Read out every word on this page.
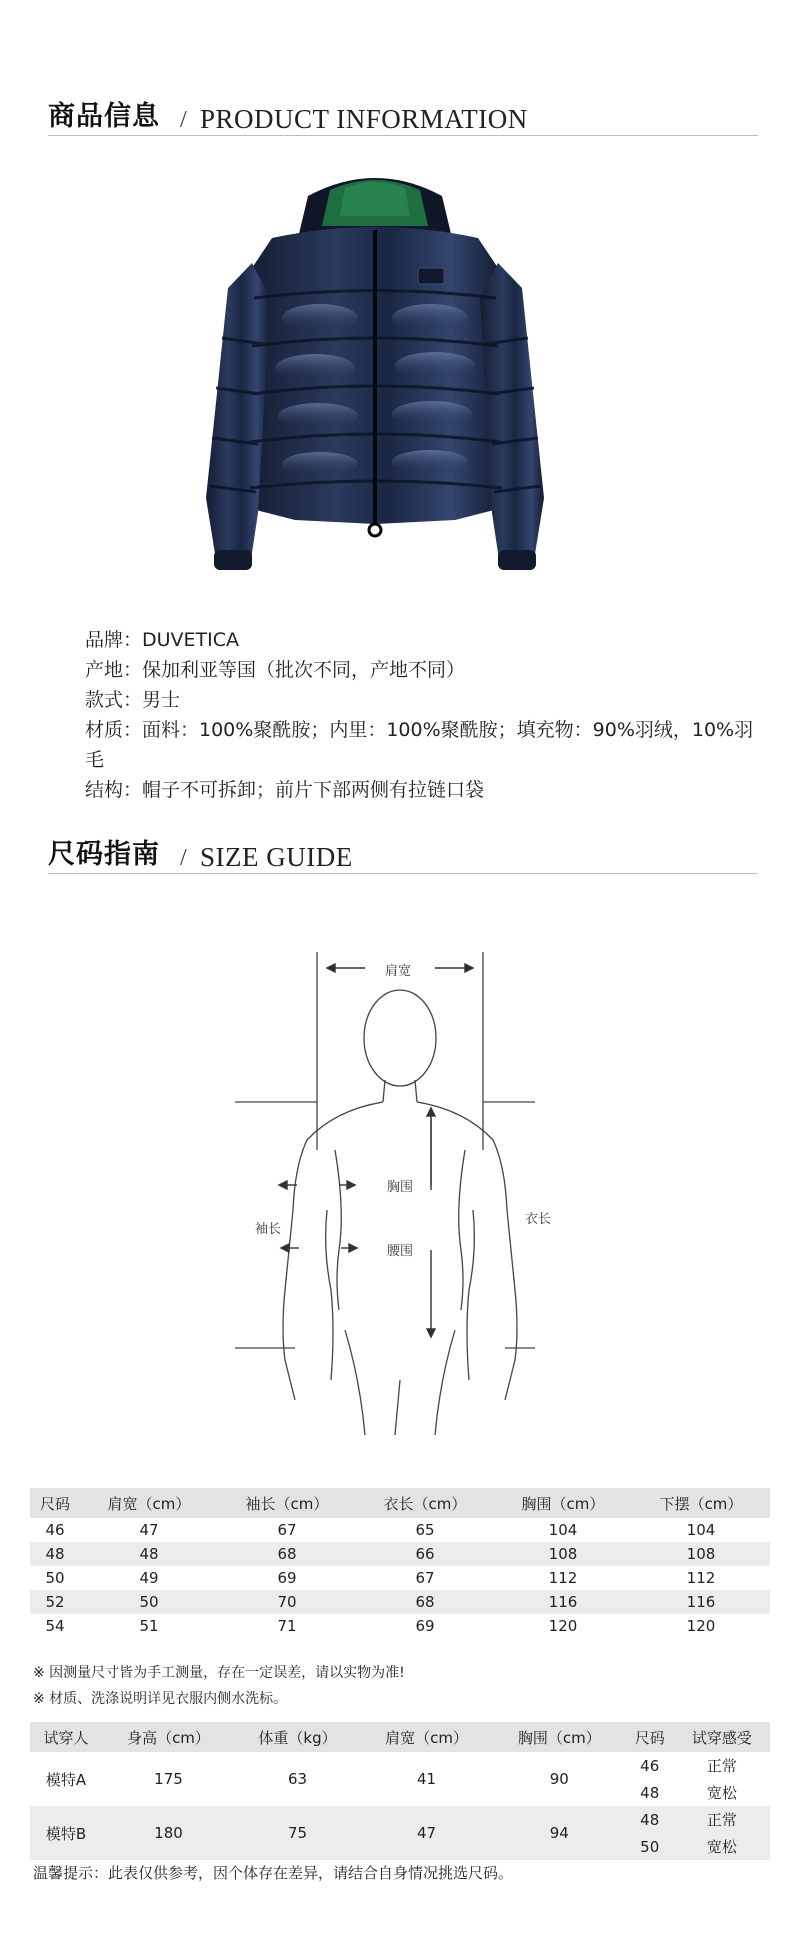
商品信息 / PRODUCT INFORMATION
品牌：DUVETICA
产地：保加利亚等国（批次不同，产地不同）
款式：男士
材质：面料：100%聚酰胺；内里：100%聚酰胺；填充物：90%羽绒，10%羽毛
结构：帽子不可拆卸；前片下部两侧有拉链口袋
尺码指南 / SIZE GUIDE
肩宽
胸围
袖长
衣长
腰围
尺码	肩宽（cm）	袖长（cm）	衣长（cm）	胸围（cm）	下摆（cm）
46	47	67	65	104	104
48	48	68	66	108	108
50	49	69	67	112	112
52	50	70	68	116	116
54	51	71	69	120	120
※ 因测量尺寸皆为手工测量，存在一定误差，请以实物为准!
※ 材质、洗涤说明详见衣服内侧水洗标。
试穿人	身高（cm）	体重（kg）	肩宽（cm）	胸围（cm）	尺码	试穿感受
模特A	175	63	41	90	46	正常
					48	宽松
模特B	180	75	47	94	48	正常
					50	宽松
温馨提示：此表仅供参考，因个体存在差异，请结合自身情况挑选尺码。
